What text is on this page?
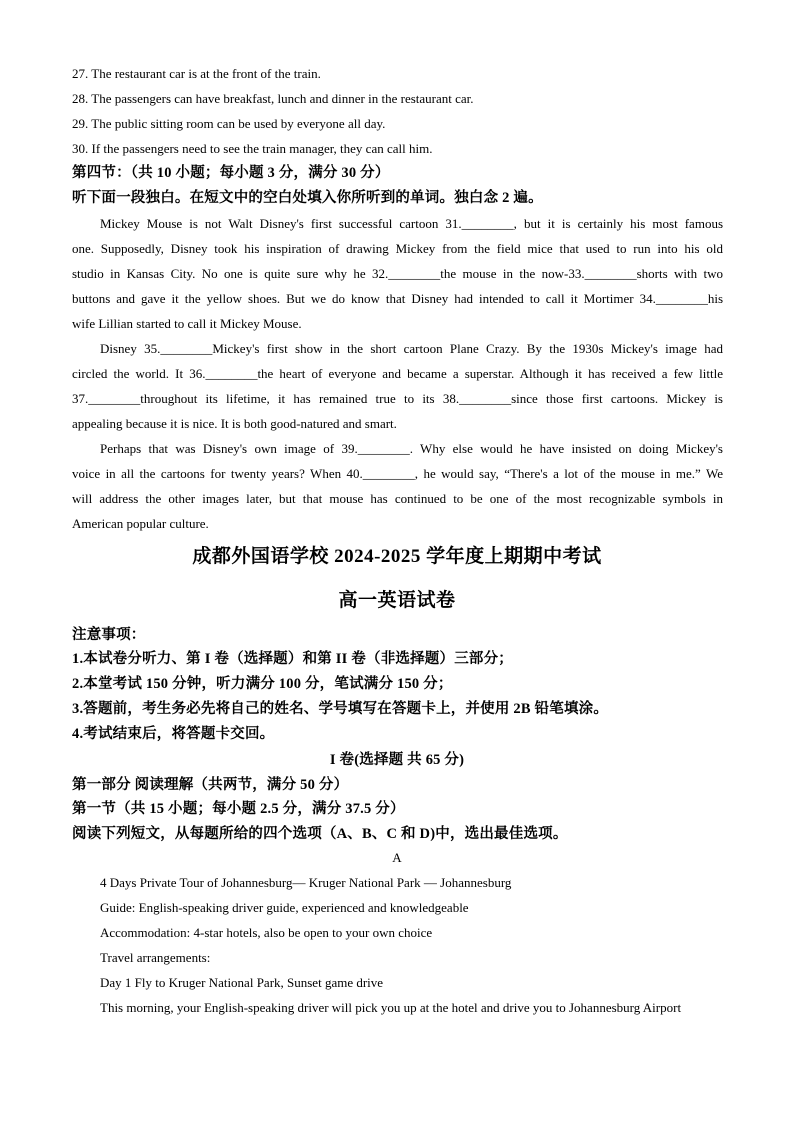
27. The restaurant car is at the front of the train.
28. The passengers can have breakfast, lunch and dinner in the restaurant car.
29. The public sitting room can be used by everyone all day.
30. If the passengers need to see the train manager, they can call him.
第四节：（共 10 小题；每小题 3 分，满分 30 分）
听下面一段独白。在短文中的空白处填入你所听到的单词。独白念 2 遍。
Mickey Mouse is not Walt Disney's first successful cartoon 31.________, but it is certainly his most famous
one. Supposedly, Disney took his inspiration of drawing Mickey from the field mice that used to run into his old
studio in Kansas City. No one is quite sure why he 32.________the mouse in the now-33.________shorts with two
buttons and gave it the yellow shoes. But we do know that Disney had intended to call it Mortimer 34.________his
wife Lillian started to call it Mickey Mouse.
Disney 35.________Mickey's first show in the short cartoon Plane Crazy. By the 1930s Mickey's image had
circled the world. It 36.________the heart of everyone and became a superstar. Although it has received a few little
37.________throughout its lifetime, it has remained true to its 38.________since those first cartoons. Mickey is
appealing because it is nice. It is both good-natured and smart.
Perhaps that was Disney's own image of 39.________. Why else would he have insisted on doing Mickey's
voice in all the cartoons for twenty years? When 40.________, he would say, “There's a lot of the mouse in me.” We
will address the other images later, but that mouse has continued to be one of the most recognizable symbols in
American popular culture.
成都外国语学校 2024-2025 学年度上期期中考试
高一英语试卷
注意事项：
1.本试卷分听力、第 I 卷（选择题）和第 II 卷（非选择题）三部分；
2.本堂考试 150 分钟，听力满分 100 分，笔试满分 150 分；
3.答题前，考生务必先将自己的姓名、学号填写在答题卡上，并使用 2B 铅笔填涂。
4.考试结束后，将答题卡交回。
I 卷(选择题 共 65 分)
第一部分 阅读理解（共两节，满分 50 分）
第一节（共 15 小题；每小题 2.5 分，满分 37.5 分）
阅读下列短文，从每题所给的四个选项（A、B、C 和 D)中，选出最佳选项。
A
4 Days Private Tour of Johannesburg— Kruger National Park — Johannesburg
Guide: English-speaking driver guide, experienced and knowledgeable
Accommodation: 4-star hotels, also be open to your own choice
Travel arrangements:
Day 1 Fly to Kruger National Park, Sunset game drive
This morning, your English-speaking driver will pick you up at the hotel and drive you to Johannesburg Airport
